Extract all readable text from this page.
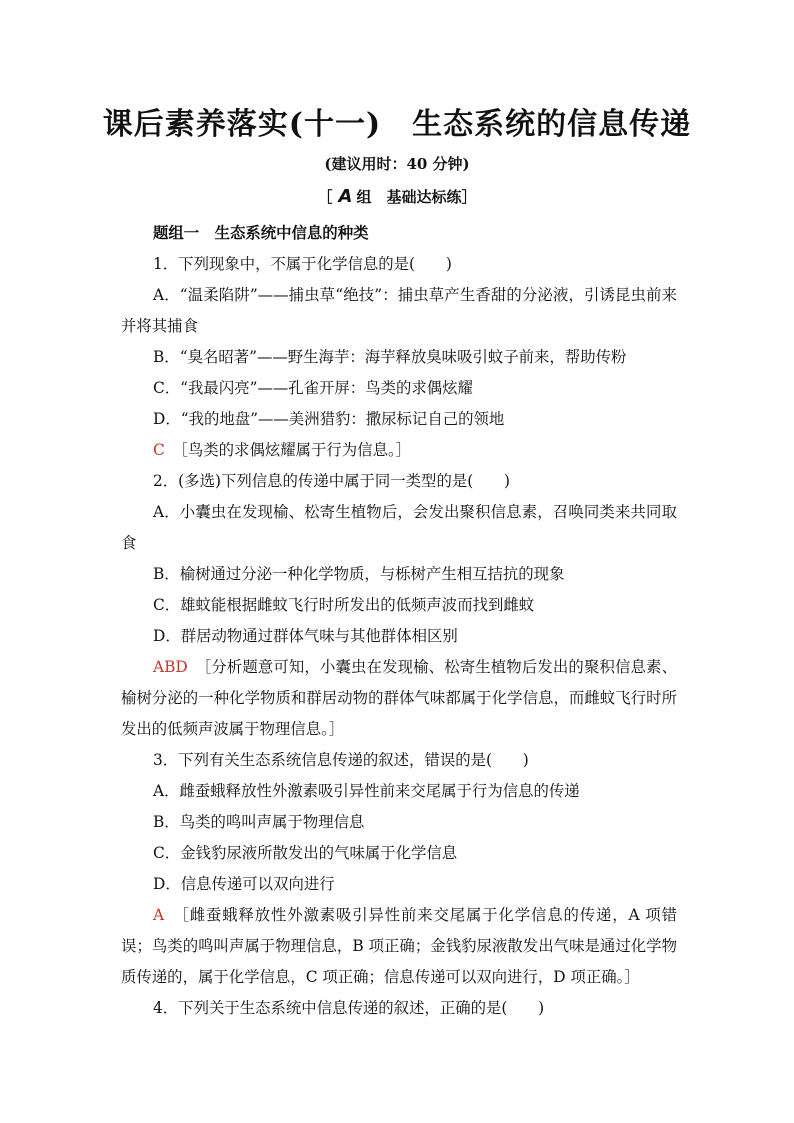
课后素养落实(十一)　生态系统的信息传递
(建议用时：40 分钟)
［ A 组　基础达标练］

题组一　生态系统中信息的种类

1．下列现象中，不属于化学信息的是(　　)

A．“温柔陷阱”——捕虫草“绝技”：捕虫草产生香甜的分泌液，引诱昆虫前来并将其捕食

B．“臭名昭著”——野生海芋：海芋释放臭味吸引蚊子前来，帮助传粉

C．“我最闪亮”——孔雀开屏：鸟类的求偶炫耀

D．“我的地盘”——美洲猎豹：撒尿标记自己的领地

C　 ［鸟类的求偶炫耀属于行为信息。］

2．(多选)下列信息的传递中属于同一类型的是(　　)

A．小囊虫在发现榆、松寄生植物后，会发出聚积信息素，召唤同类来共同取食

B．榆树通过分泌一种化学物质，与栎树产生相互拮抗的现象

C．雄蚊能根据雌蚊飞行时所发出的低频声波而找到雌蚊

D．群居动物通过群体气味与其他群体相区别

ABD　 ［分析题意可知，小囊虫在发现榆、松寄生植物后发出的聚积信息素、榆树分泌的一种化学物质和群居动物的群体气味都属于化学信息，而雌蚊飞行时所发出的低频声波属于物理信息。］

3．下列有关生态系统信息传递的叙述，错误的是(　　)

A．雌蚕蛾释放性外激素吸引异性前来交尾属于行为信息的传递

B．鸟类的鸣叫声属于物理信息

C．金钱豹尿液所散发出的气味属于化学信息

D．信息传递可以双向进行

A　 ［雌蚕蛾释放性外激素吸引异性前来交尾属于化学信息的传递，A 项错误；鸟类的鸣叫声属于物理信息，B 项正确；金钱豹尿液散发出气味是通过化学物质传递的，属于化学信息，C 项正确；信息传递可以双向进行，D 项正确。］

4．下列关于生态系统中信息传递的叙述，正确的是(　　)
